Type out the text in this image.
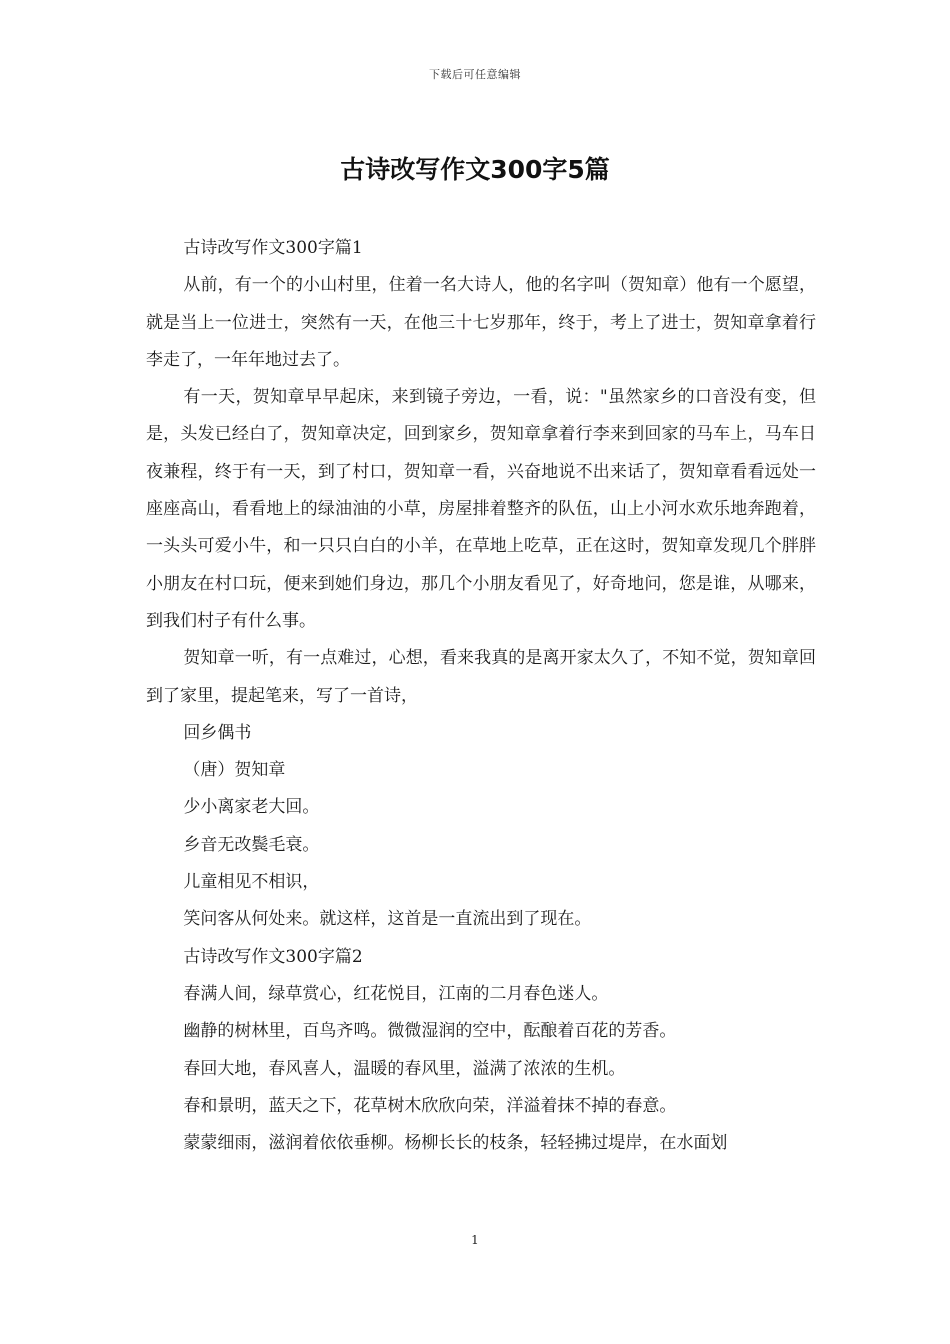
下载后可任意编辑
古诗改写作文300字5篇

古诗改写作文300字篇1

从前，有一个的小山村里，住着一名大诗人，他的名字叫（贺知章）他有一个愿望，就是当上一位进士，突然有一天，在他三十七岁那年，终于，考上了进士，贺知章拿着行李走了，一年年地过去了。

有一天，贺知章早早起床，来到镜子旁边，一看，说："虽然家乡的口音没有变，但是，头发已经白了，贺知章决定，回到家乡，贺知章拿着行李来到回家的马车上，马车日夜兼程，终于有一天，到了村口，贺知章一看，兴奋地说不出来话了，贺知章看看远处一座座高山，看看地上的绿油油的小草，房屋排着整齐的队伍，山上小河水欢乐地奔跑着，一头头可爱小牛，和一只只白白的小羊，在草地上吃草，正在这时，贺知章发现几个胖胖小朋友在村口玩，便来到她们身边，那几个小朋友看见了，好奇地问，您是谁，从哪来，到我们村子有什么事。

贺知章一听，有一点难过，心想，看来我真的是离开家太久了，不知不觉，贺知章回到了家里，提起笔来，写了一首诗，

回乡偶书

（唐）贺知章

少小离家老大回。

乡音无改鬓毛衰。

儿童相见不相识，

笑问客从何处来。就这样，这首是一直流出到了现在。

古诗改写作文300字篇2

春满人间，绿草赏心，红花悦目，江南的二月春色迷人。

幽静的树林里，百鸟齐鸣。微微湿润的空中，酝酿着百花的芳香。

春回大地，春风喜人，温暖的春风里，溢满了浓浓的生机。

春和景明，蓝天之下，花草树木欣欣向荣，洋溢着抹不掉的春意。

蒙蒙细雨，滋润着依依垂柳。杨柳长长的枝条，轻轻拂过堤岸，在水面划

1
